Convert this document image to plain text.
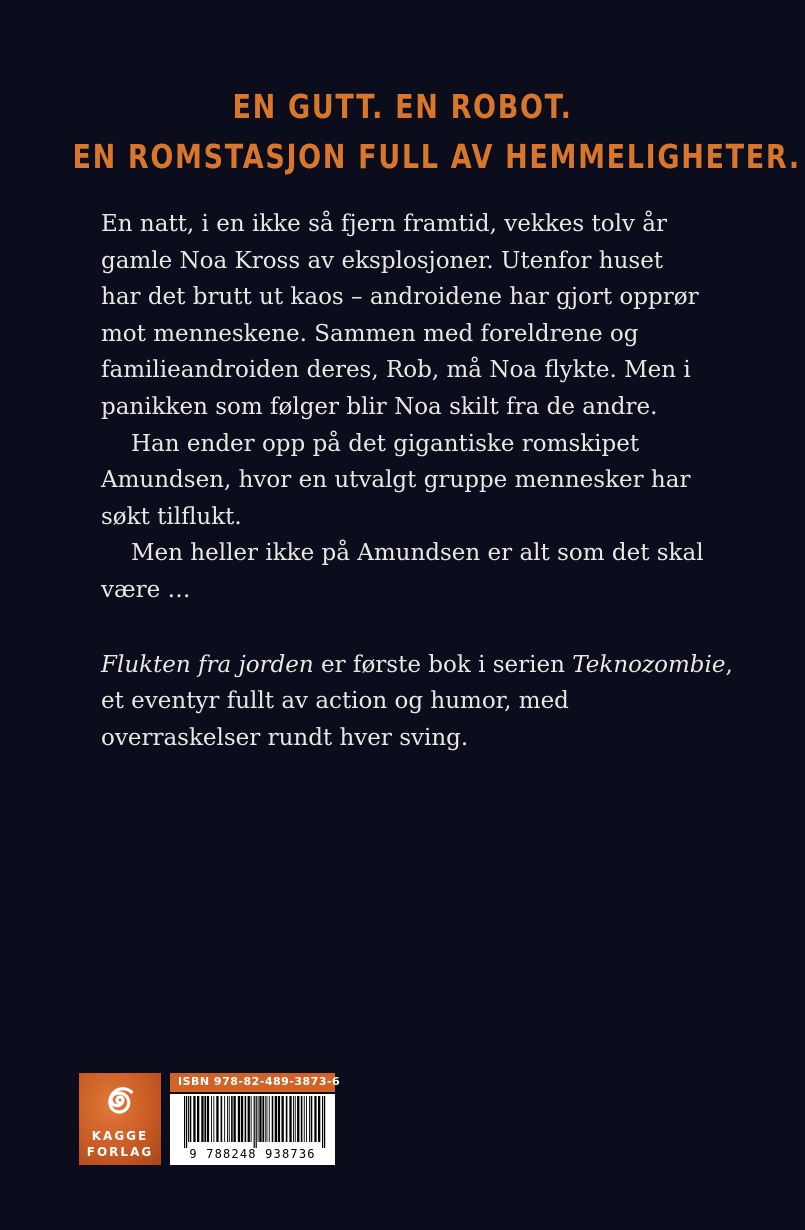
EN GUTT. EN ROBOT.
EN ROMSTASJON FULL AV HEMMELIGHETER.
En natt, i en ikke så fjern framtid, vekkes tolv år
gamle Noa Kross av eksplosjoner. Utenfor huset
har det brutt ut kaos – androidene har gjort opprør
mot menneskene. Sammen med foreldrene og
familieandroiden deres, Rob, må Noa flykte. Men i
panikken som følger blir Noa skilt fra de andre.
Han ender opp på det gigantiske romskipet
Amundsen, hvor en utvalgt gruppe mennesker har
søkt tilflukt.
Men heller ikke på Amundsen er alt som det skal
være …
Flukten fra jorden er første bok i serien Teknozombie,
et eventyr fullt av action og humor, med
overraskelser rundt hver sving.
KAGGE
FORLAG
ISBN 978-82-489-3873-6
9 788248 938736
